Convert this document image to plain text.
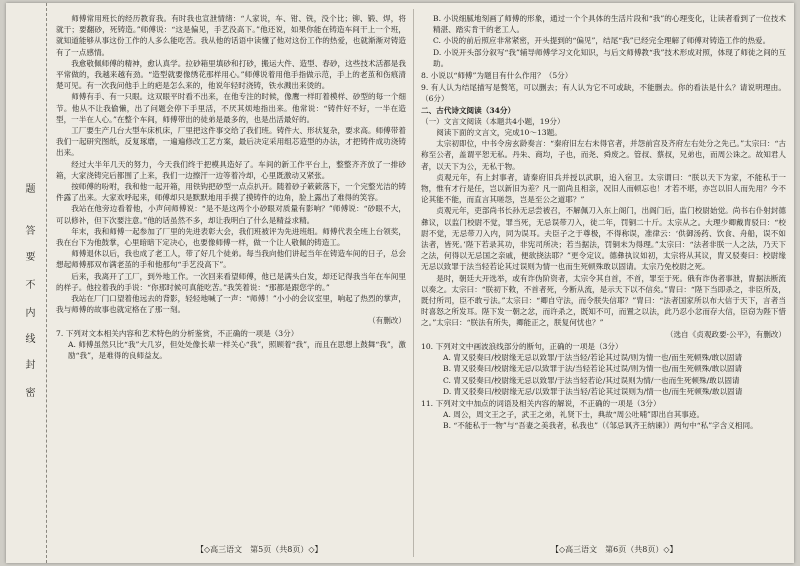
题
答
要
不
内
线
封
密

师傅常用班长的经历教育我。有时我也宣泄情绪：“人家说，车、钳、铣，没个比；铆、锻、焊，将就干；要翻砂，死铸造。”师傅说：“这是偏见，手艺没高下。”他还说，如果你能在铸造车间干上一个班，就知道能够从事这份工作的人多么能吃苦。我从他的话语中读懂了他对这份工作的热爱，也就渐渐对铸造有了一点感情。

我愈敬佩师傅的精神，愈认真学。拉砂箱里填砂和打砂，搬运大件、造型、春砂，这些技术活都是我平常做的，我越来越有劲。“造型就要像绣花那样用心。”师傅说着用他手指做示范，手上的老茧和伤痕清楚可见。有一次我问他手上的疤是怎么来的，他说年轻时浇铸，铁水溅出来烫的。

师傅有手、有一只眼。这双眼平时看不出来，在他专注的时候，像鹰一样盯着模样、砂型的每一个细节。他从不让我偷懒，出了问题会停下手里活，不厌其烦地指出来。他常说：“铸件好不好，一半在造型，一半在人心。”在整个车间，师傅带出的徒弟是最多的，也是出活最好的。

工厂要生产几台大型车床机床，厂里把这件事交给了我们班。铸件大、形状复杂，要求高。师傅带着我们一起研究图纸，反复琢磨，一遍遍修改工艺方案，最后决定采用组芯造型的办法，才把铸件成功浇铸出来。

经过大半年几天的努力，今天我们终于把模具造好了。车间的新工作平台上，整整齐齐放了一排砂箱，大家浇铸完后都围了上来，我们一边擦汗一边等着冷却，心里既激动又紧张。

按师傅的吩咐，我和他一起开箱，用铁钩把砂型一点点扒开。随着砂子簌簌落下，一个完整光洁的铸件露了出来。大家欢呼起来，师傅却只是默默地用手摸了摸铸件的边角，脸上露出了难得的笑容。

我站在他旁边看着他，小声问师傅说：“是不是这两个小砂眼对质量有影响？”师傅说：“砂眼不大，可以修补，但下次要注意。”他的话虽然不多，却让我明白了什么是精益求精。

年末，我和师傅一起参加了厂里的先进表彰大会，我们班被评为先进班组。师傅代表全班上台领奖，我在台下为他鼓掌，心里暗暗下定决心，也要像师傅一样，做一个让人敬佩的铸造工。

师傅退休以后，我也成了老工人，带了好几个徒弟。每当我向他们讲起当年在铸造车间的日子，总会想起师傅那双布满老茧的手和他那句“手艺没高下”。

后来，我离开了工厂，到外地工作。一次回来看望师傅，他已是满头白发，却还记得我当年在车间里的样子。他拉着我的手说：“你那时候可真能吃苦。”我笑着说：“那都是跟您学的。”

我站在厂门口望着他远去的背影，轻轻地喊了一声：“师傅！”小小的会议室里，响起了热烈的掌声，我与师傅的故事也就定格在了那一刻。

（有删改）

7. 下列对文本相关内容和艺术特色的分析鉴赏，不正确的一项是（3分）

A. 师傅虽然只比“我”大几岁，但处处像长辈一样关心“我”，照顾着“我”，而且在思想上鼓舞“我”，激励“我”，是难得的良师益友。

B. 小说细腻地刻画了师傅的形象，通过一个个具体的生活片段和“我”的心理变化，让读者看到了一位技术精湛、踏实肯干的老工人。

C. 小说的前后照应非常紧密，开头提到的“偏见”，结尾“我”已经完全理解了师傅对铸造工作的热爱。

D. 小说开头部分叙写“我”辅导师傅学习文化知识，与后文师傅教“我”技术形成对照，体现了师徒之间的互助。

8. 小说以“师傅”为题目有什么作用？（5分）

9. 有人认为结尾描写是赘笔，可以删去；有人认为它不可或缺，不能删去。你的看法是什么？请说明理由。（6分）

二、古代诗文阅读（34分）

（一）文言文阅读（本题共4小题，19分）

阅读下面的文言文，完成10～13题。

太宗初即位，中书令房玄龄奏言：“秦府旧左右未得官者，并怨前宫及齐府左右处分之先己。”太宗曰：“古称至公者，盖谓平恕无私。丹朱、商均，子也，而尧、舜废之。管叔、蔡叔，兄弟也，而周公诛之。故知君人者，以天下为公，无私于物。

贞观元年，有上封事者，请秦府旧兵并授以武职，追入宿卫。太宗谓曰：“朕以天下为家，不能私于一物，惟有才行是任，岂以新旧为差？凡一面尚且相亲，况旧人而顿忘也！才若不堪，亦岂以旧人而先用？今不论其能不能，而直言其嗟怨，岂是至公之道耶？”

贞观元年，吏部尚书长孙无忌尝被召，不解佩刀入东上阁门，出阁门后，监门校尉始觉。尚书右仆射封德彝议，以监门校尉不觉，罪当死，无忌误带刀入，徒二年，罚铜二十斤。太宗从之。大理少卿戴胄驳曰：“校尉不觉，无忌带刀入内，同为误耳。夫臣子之于尊极，不得称误，准律云：‘供御汤药、饮食、舟船，误不如法者，皆死。’陛下若录其功，非宪司所决；若当据法，罚铜未为得理。”太宗曰：“法者非朕一人之法，乃天下之法，何得以无忌国之亲戚，便欲挠法耶？”更令定议。德彝执议如初，太宗将从其议，胄又驳奏曰：校尉缘无忌以致罪于法当轻若论其过误则为情一也而生死顿殊敢以固请。太宗乃免校尉之死。

是时，朝廷大开选举，或有诈伪阶资者，太宗令其自首，不首，罪至于死。俄有诈伪者事泄，胄据法断流以奏之。太宗曰：“朕初下敕，不首者死，今断从流，是示天下以不信矣。”胄曰：“陛下当即杀之，非臣所及，既付所司，臣不敢亏法。”太宗曰：“卿自守法，而令朕失信耶？”胄曰：“法者国家所以布大信于天下，言者当时喜怒之所发耳。陛下发一朝之忿，而许杀之，既知不可，而置之以法，此乃忍小忿而存大信，臣窃为陛下惜之。”太宗曰：“朕法有所失，卿能正之，朕复何忧也？”

（选自《贞观政要·公平》，有删改）

10. 下列对文中画波浪线部分的断句，正确的一项是（3分）

A. 胄又驳奏曰/校尉缘无忌以致罪/于法当轻/若论其过误/则为情一也/而生死顿殊/敢以固请

B. 胄又驳奏曰/校尉缘无忌/以致罪于法/当轻若论其过误/则为情一也/而生死顿殊/敢以固请

C. 胄又驳奏曰/校尉缘无忌以致罪/于法当轻若论/其过误则为情/一也而生死顿殊/敢以固请

D. 胄又驳奏曰/校尉缘无忌/以致罪于法当轻/若论其过误则为/情一也/而生死顿殊/敢以固请

11. 下列对文中加点的词语及相关内容的解说，不正确的一项是（3分）

A. 周公，周文王之子，武王之弟，礼贤下士，典故“周公吐哺”即出自其事迹。

B. “不能私于一物”与“吾妻之美我者，私我也”（《邹忌讽齐王纳谏》）两句中“私”字含义相同。

【◇高三语文　第5页（共8页）◇】	【◇高三语文　第6页（共8页）◇】
